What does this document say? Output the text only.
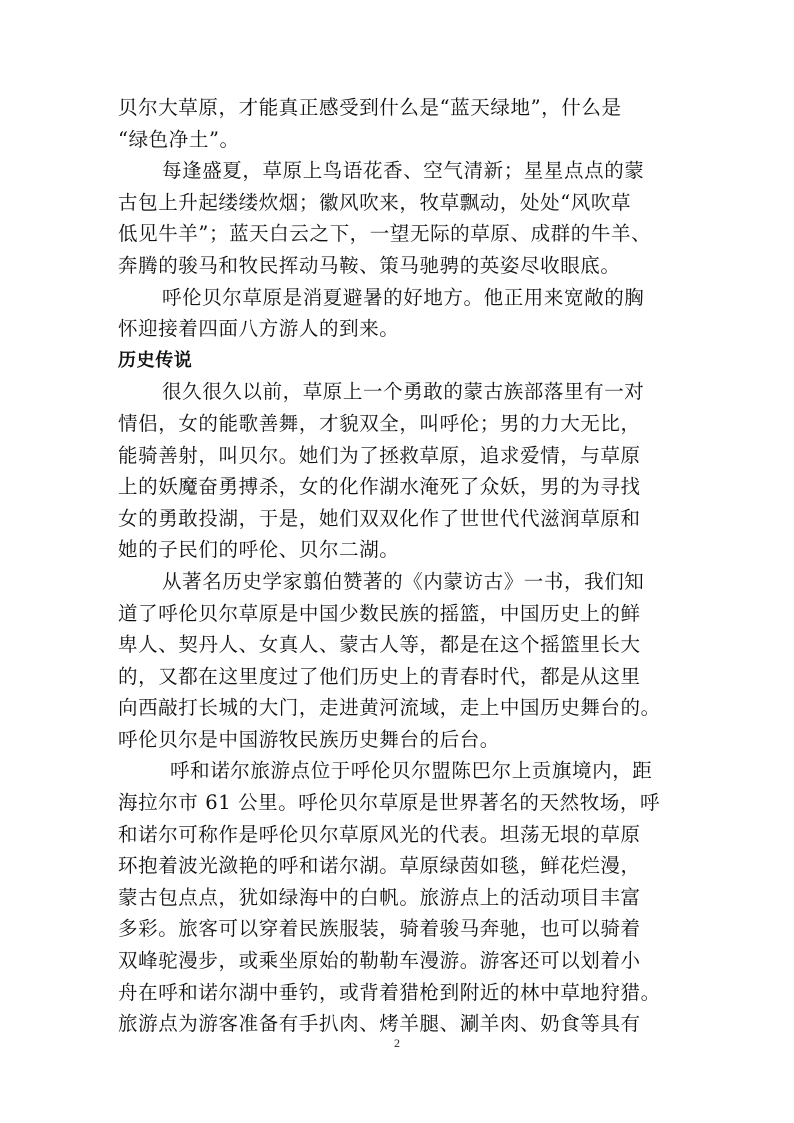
贝尔大草原，才能真正感受到什么是“蓝天绿地”，什么是
“绿色净土”。
每逢盛夏，草原上鸟语花香、空气清新；星星点点的蒙
古包上升起缕缕炊烟；徽风吹来，牧草飘动，处处“风吹草
低见牛羊”；蓝天白云之下，一望无际的草原、成群的牛羊、
奔腾的骏马和牧民挥动马鞍、策马驰骋的英姿尽收眼底。
呼伦贝尔草原是消夏避暑的好地方。他正用来宽敞的胸
怀迎接着四面八方游人的到来。
历史传说
很久很久以前，草原上一个勇敢的蒙古族部落里有一对
情侣，女的能歌善舞，才貌双全，叫呼伦；男的力大无比，
能骑善射，叫贝尔。她们为了拯救草原，追求爱情，与草原
上的妖魔奋勇搏杀，女的化作湖水淹死了众妖，男的为寻找
女的勇敢投湖，于是，她们双双化作了世世代代滋润草原和
她的子民们的呼伦、贝尔二湖。
从著名历史学家翦伯赞著的《内蒙访古》一书，我们知
道了呼伦贝尔草原是中国少数民族的摇篮，中国历史上的鲜
卑人、契丹人、女真人、蒙古人等，都是在这个摇篮里长大
的，又都在这里度过了他们历史上的青春时代，都是从这里
向西敲打长城的大门，走进黄河流域，走上中国历史舞台的。
呼伦贝尔是中国游牧民族历史舞台的后台。
呼和诺尔旅游点位于呼伦贝尔盟陈巴尔上贡旗境内，距
海拉尔市 61 公里。呼伦贝尔草原是世界著名的天然牧场，呼
和诺尔可称作是呼伦贝尔草原风光的代表。坦荡无垠的草原
环抱着波光潋艳的呼和诺尔湖。草原绿茵如毯，鲜花烂漫，
蒙古包点点，犹如绿海中的白帆。旅游点上的活动项目丰富
多彩。旅客可以穿着民族服装，骑着骏马奔驰，也可以骑着
双峰驼漫步，或乘坐原始的勒勒车漫游。游客还可以划着小
舟在呼和诺尔湖中垂钓，或背着猎枪到附近的林中草地狩猎。
旅游点为游客准备有手扒肉、烤羊腿、涮羊肉、奶食等具有
2
